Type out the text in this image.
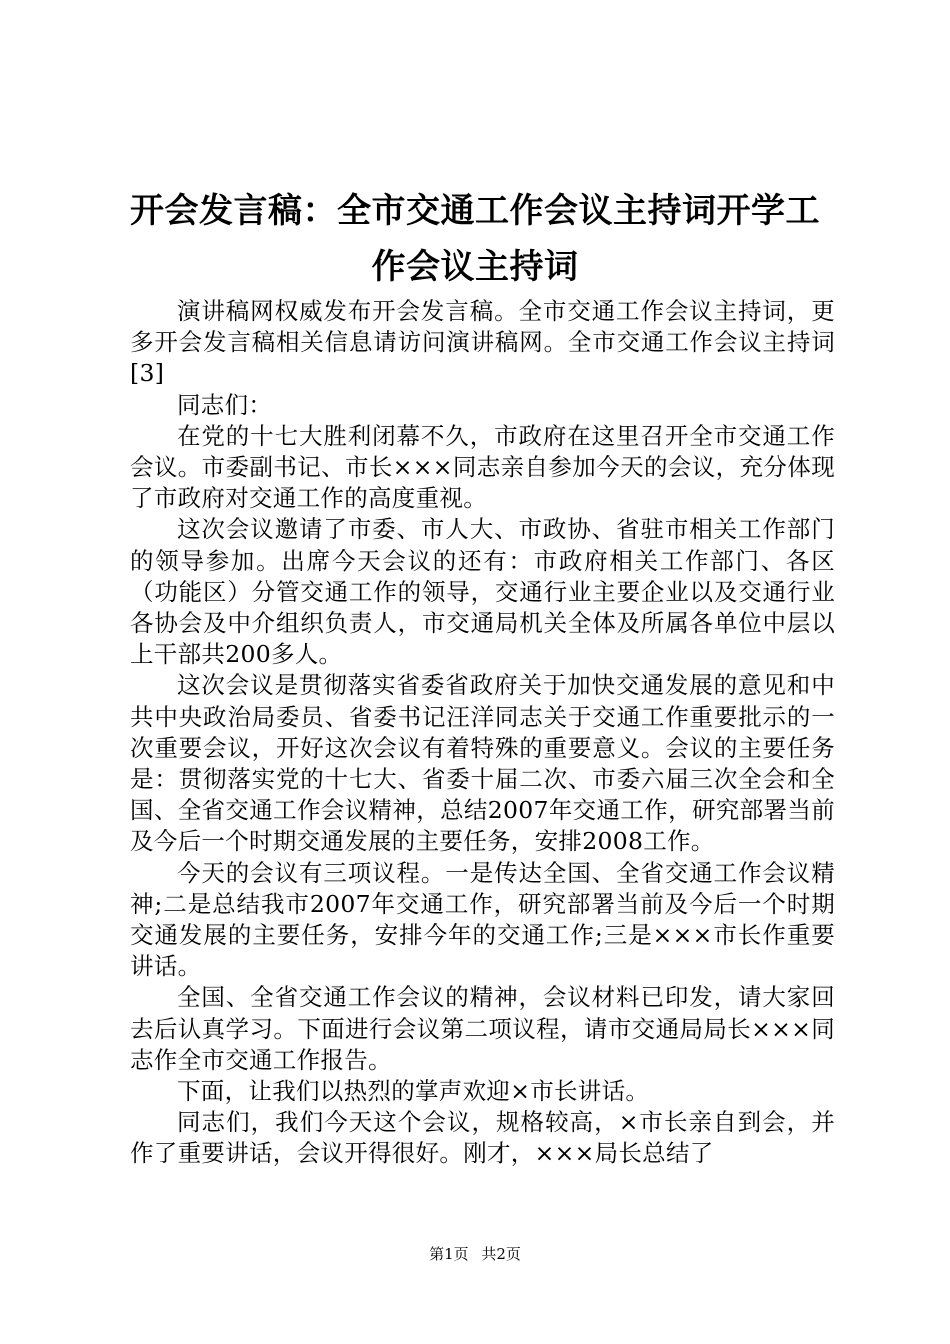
开会发言稿：全市交通工作会议主持词开学工
作会议主持词

演讲稿网权威发布开会发言稿。全市交通工作会议主持词，更多开会发言稿相关信息请访问演讲稿网。全市交通工作会议主持词[3]

同志们：

在党的十七大胜利闭幕不久，市政府在这里召开全市交通工作会议。市委副书记、市长×××同志亲自参加今天的会议，充分体现了市政府对交通工作的高度重视。

这次会议邀请了市委、市人大、市政协、省驻市相关工作部门的领导参加。出席今天会议的还有：市政府相关工作部门、各区（功能区）分管交通工作的领导，交通行业主要企业以及交通行业各协会及中介组织负责人，市交通局机关全体及所属各单位中层以上干部共200多人。

这次会议是贯彻落实省委省政府关于加快交通发展的意见和中共中央政治局委员、省委书记汪洋同志关于交通工作重要批示的一次重要会议，开好这次会议有着特殊的重要意义。会议的主要任务是：贯彻落实党的十七大、省委十届二次、市委六届三次全会和全国、全省交通工作会议精神，总结2007年交通工作，研究部署当前及今后一个时期交通发展的主要任务，安排2008工作。

今天的会议有三项议程。一是传达全国、全省交通工作会议精神;二是总结我市2007年交通工作，研究部署当前及今后一个时期交通发展的主要任务，安排今年的交通工作;三是×××市长作重要讲话。

全国、全省交通工作会议的精神，会议材料已印发，请大家回去后认真学习。下面进行会议第二项议程，请市交通局局长×××同志作全市交通工作报告。

下面，让我们以热烈的掌声欢迎×市长讲话。

同志们，我们今天这个会议，规格较高，×市长亲自到会，并作了重要讲话，会议开得很好。刚才，×××局长总结了

第1页 共2页
